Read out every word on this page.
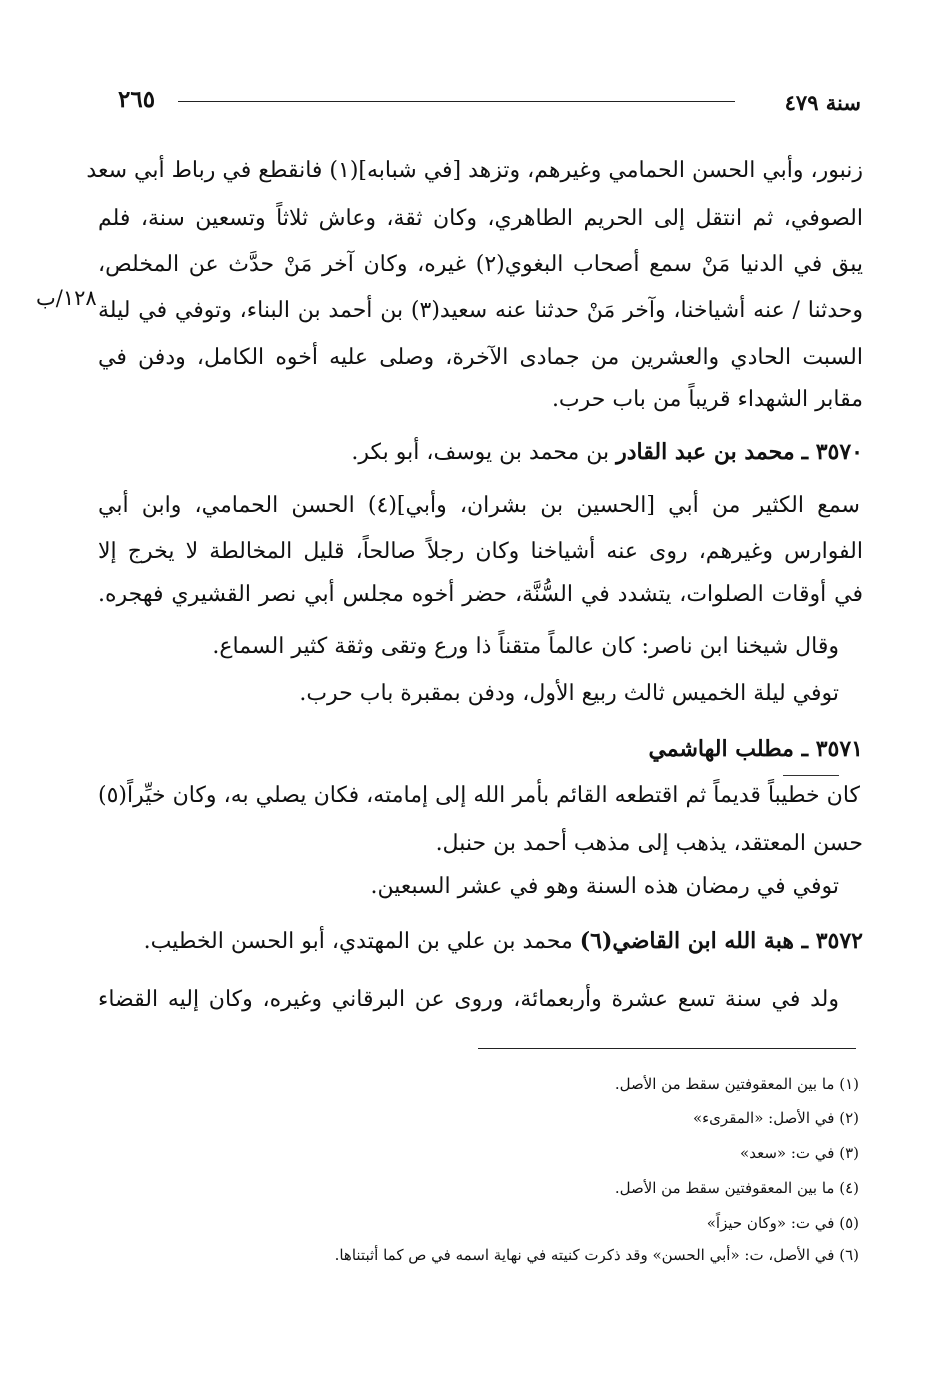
٢٦٥	سنة ٤٧٩
١٢٨/ب
زنبور، وأبي الحسن الحمامي وغيرهم، وتزهد [في شبابه](١) فانقطع في رباط أبي سعد
الصوفي، ثم انتقل إلى الحريم الطاهري، وكان ثقة، وعاش ثلاثاً وتسعين سنة، فلم
يبق في الدنيا مَنْ سمع أصحاب البغوي(٢) غيره، وكان آخر مَنْ حدَّث عن المخلص،
وحدثنا / عنه أشياخنا، وآخر مَنْ حدثنا عنه سعيد(٣) بن أحمد بن البناء، وتوفي في ليلة
السبت الحادي والعشرين من جمادى الآخرة، وصلى عليه أخوه الكامل، ودفن في
مقابر الشهداء قريباً من باب حرب.
٣٥٧٠ ـ محمد بن عبد القادر بن محمد بن يوسف، أبو بكر.
سمع الكثير من أبي [الحسين بن بشران، وأبي](٤) الحسن الحمامي، وابن أبي
الفوارس وغيرهم، روى عنه أشياخنا وكان رجلاً صالحاً، قليل المخالطة لا يخرج إلا
في أوقات الصلوات، يتشدد في السُّنَّة، حضر أخوه مجلس أبي نصر القشيري فهجره.
وقال شيخنا ابن ناصر: كان عالماً متقناً ذا ورع وتقى وثقة كثير السماع.
توفي ليلة الخميس ثالث ربيع الأول، ودفن بمقبرة باب حرب.
٣٥٧١ ـ مطلب الهاشمي
كان خطيباً قديماً ثم اقتطعه القائم بأمر الله إلى إمامته، فكان يصلي به، وكان خيِّراً(٥)
حسن المعتقد، يذهب إلى مذهب أحمد بن حنبل.
توفي في رمضان هذه السنة وهو في عشر السبعين.
٣٥٧٢ ـ هبة الله ابن القاضي(٦) محمد بن علي بن المهتدي، أبو الحسن الخطيب.
ولد في سنة تسع عشرة وأربعمائة، وروى عن البرقاني وغيره، وكان إليه القضاء
(١) ما بين المعقوفتين سقط من الأصل.
(٢) في الأصل: «المقرىء»
(٣) في ت: «سعد»
(٤) ما بين المعقوفتين سقط من الأصل.
(٥) في ت: «وكان حيزاً»
(٦) في الأصل، ت: «أبي الحسن» وقد ذكرت كنيته في نهاية اسمه في ص كما أثبتناها.
